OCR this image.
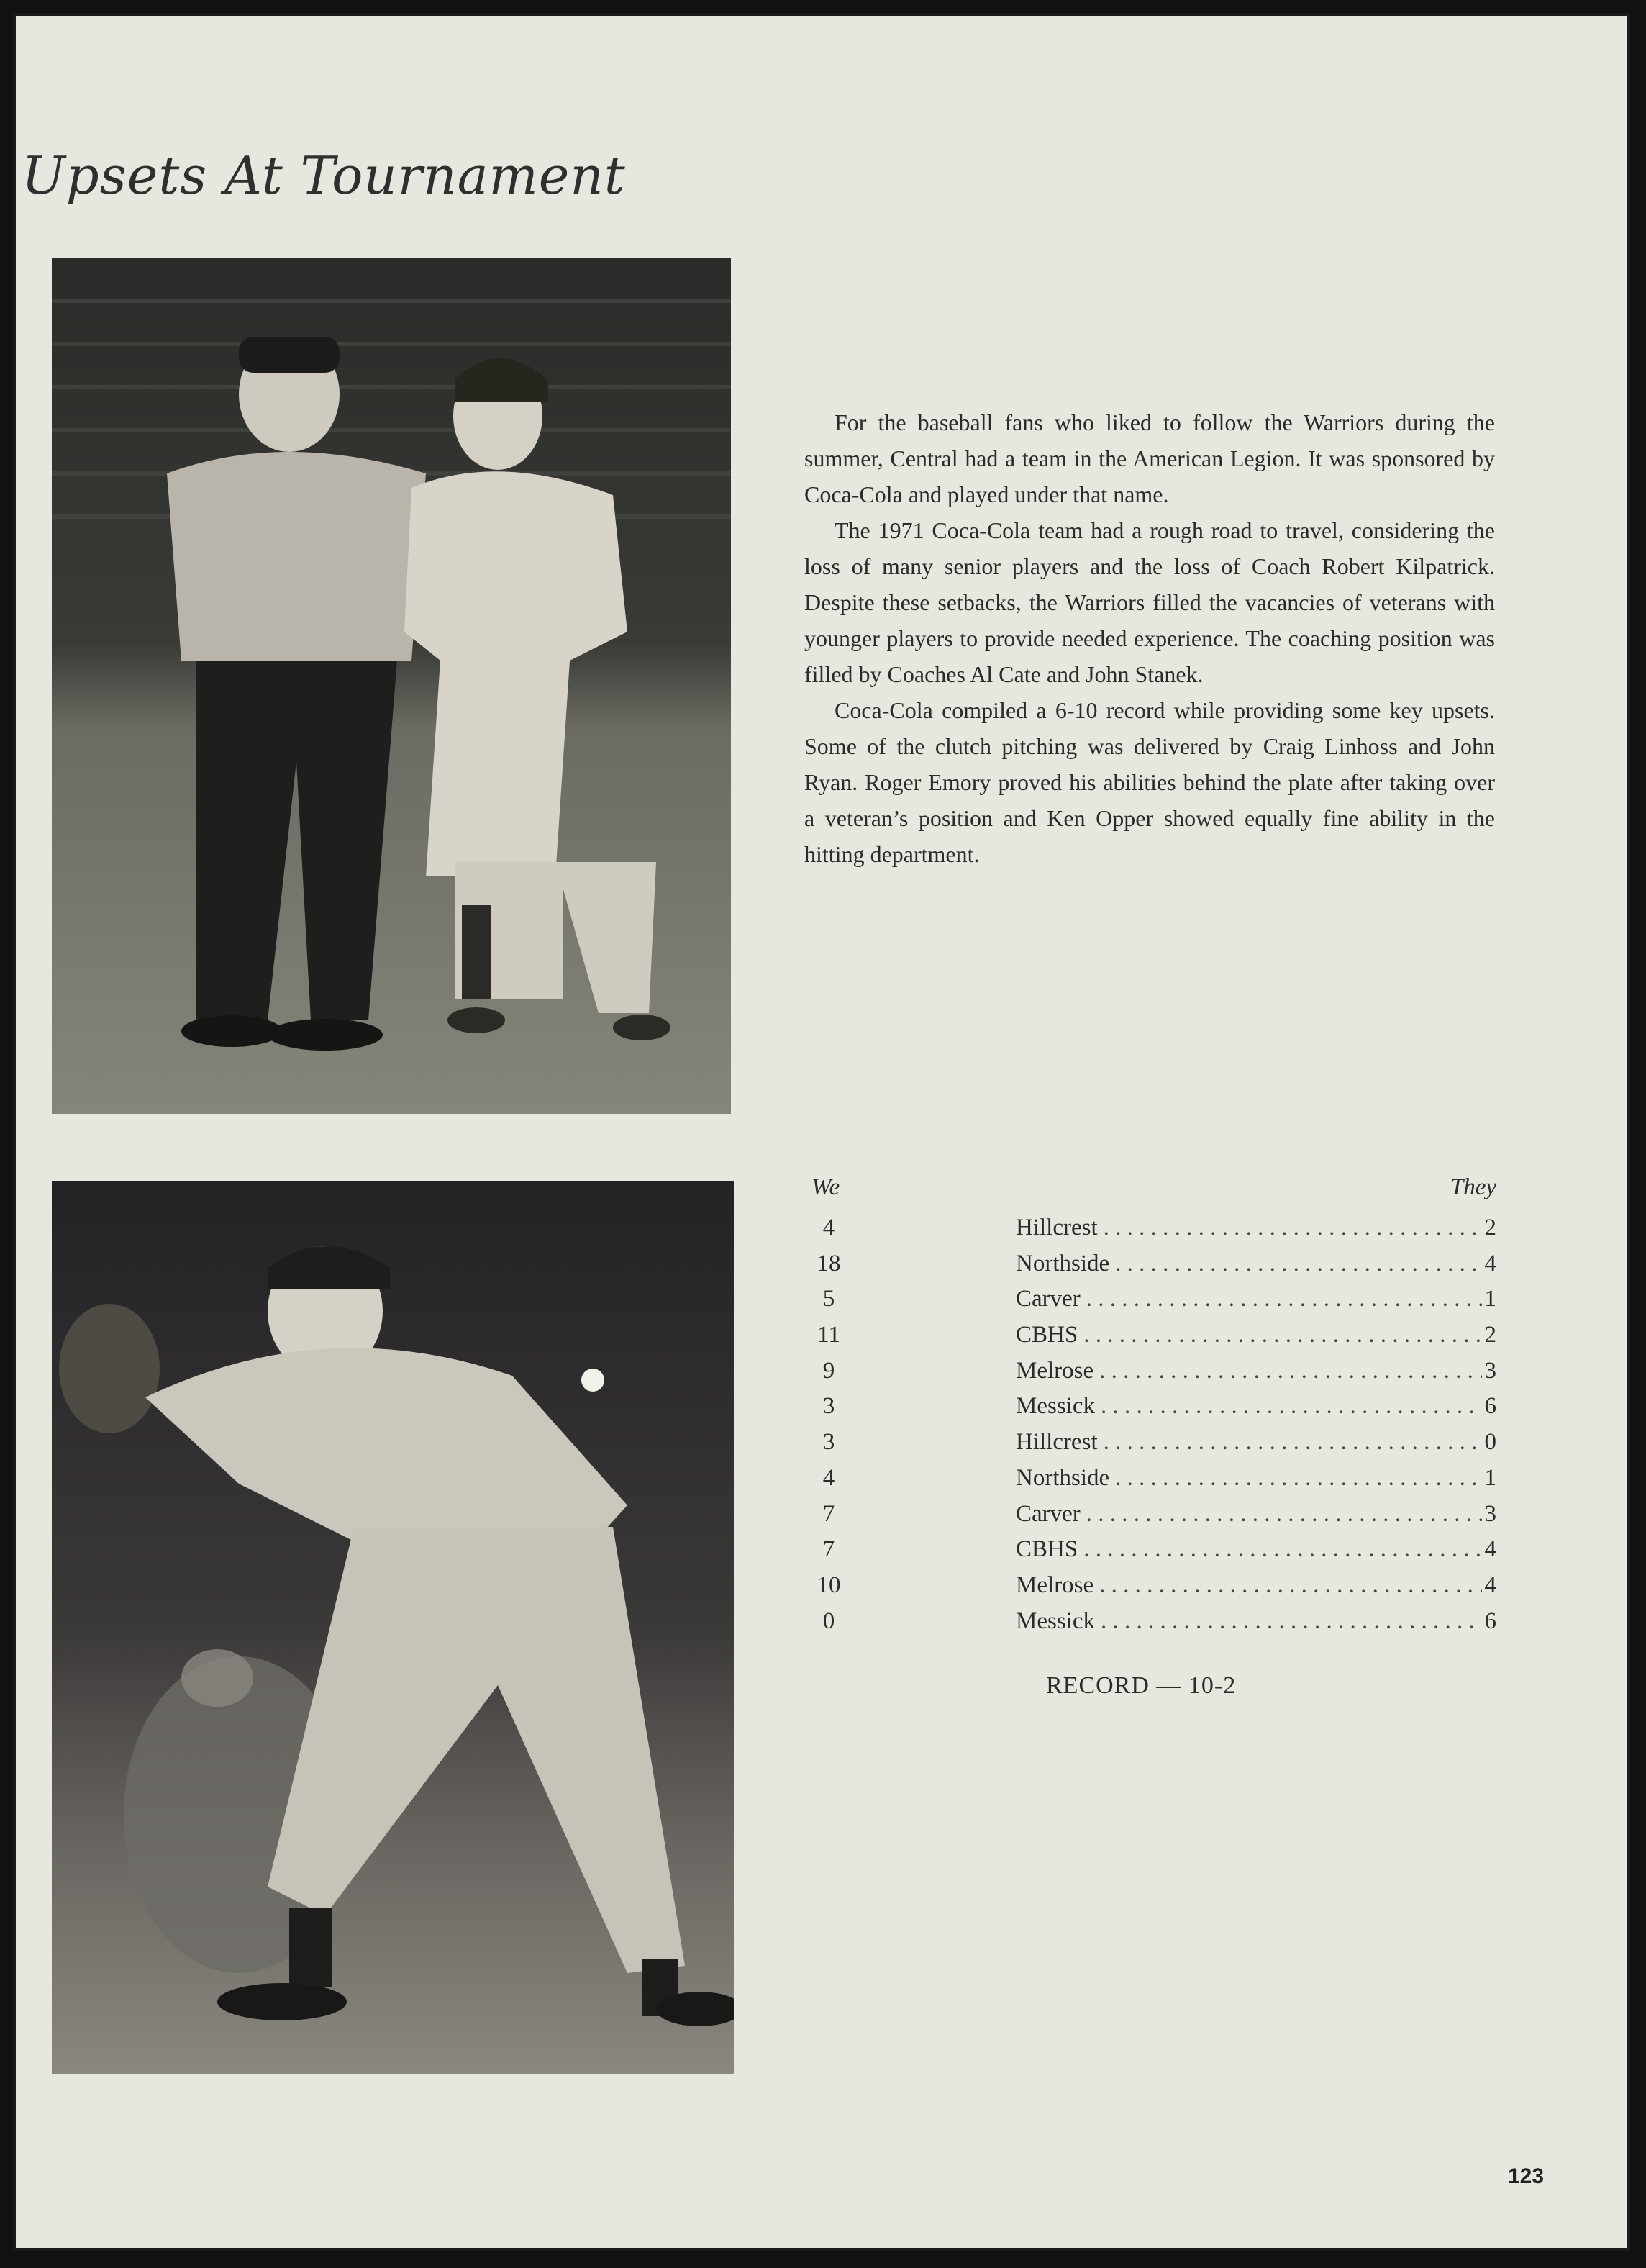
Upsets At Tournament

For the baseball fans who liked to follow the Warriors during the summer, Central had a team in the American Legion. It was sponsored by Coca-Cola and played under that name.

The 1971 Coca-Cola team had a rough road to travel, considering the loss of many senior players and the loss of Coach Robert Kilpatrick. Despite these setbacks, the Warriors filled the vacancies of veterans with younger players to provide needed experience. The coaching position was filled by Coaches Al Cate and John Stanek.

Coca-Cola compiled a 6-10 record while providing some key upsets. Some of the clutch pitching was delivered by Craig Linhoss and John Ryan. Roger Emory proved his abilities behind the plate after taking over a veteran’s position and Ken Opper showed equally fine ability in the hitting department.

We	They
4	Hillcrest . . .	2
18	Northside . . .	4
5	Carver . . .	1
11	CBHS . . .	2
9	Melrose . . .	3
3	Messick . . .	6
3	Hillcrest . . .	0
4	Northside . . .	1
7	Carver . . .	3
7	CBHS . . .	4
10	Melrose . . .	4
0	Messick . . .	6
RECORD — 10-2
123
